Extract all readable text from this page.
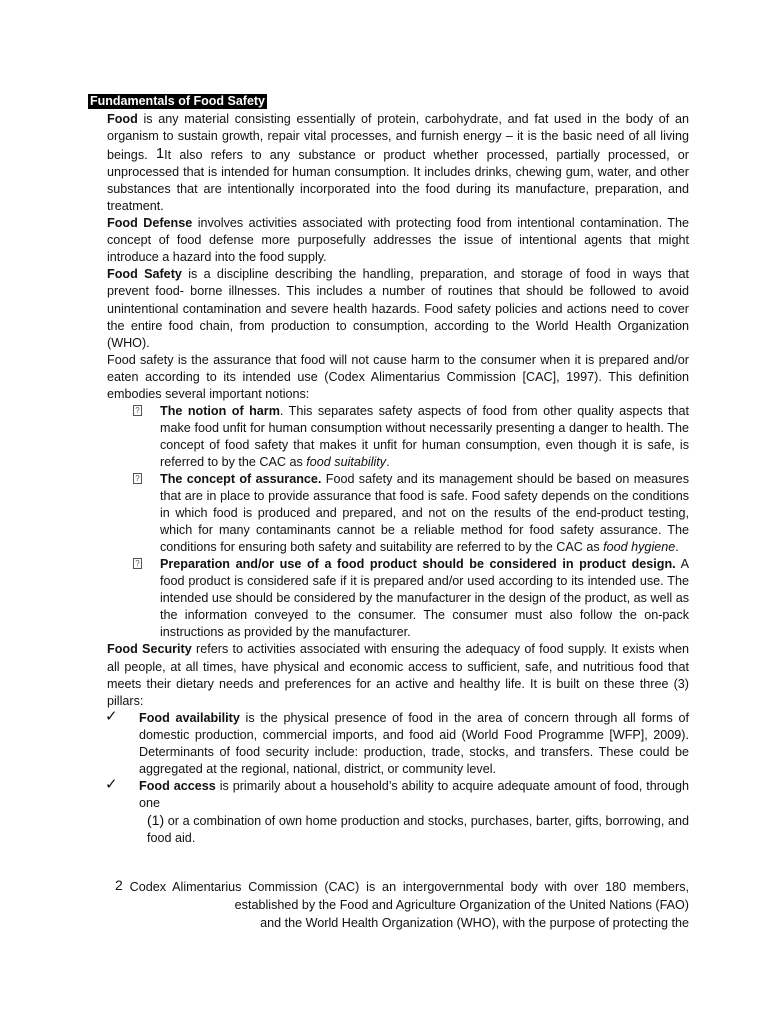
Fundamentals of Food Safety

Food is any material consisting essentially of protein, carbohydrate, and fat used in the body of an organism to sustain growth, repair vital processes, and furnish energy – it is the basic need of all living beings. 1It also refers to any substance or product whether processed, partially processed, or unprocessed that is intended for human consumption. It includes drinks, chewing gum, water, and other substances that are intentionally incorporated into the food during its manufacture, preparation, and treatment.

Food Defense involves activities associated with protecting food from intentional contamination. The concept of food defense more purposefully addresses the issue of intentional agents that might introduce a hazard into the food supply.

Food Safety is a discipline describing the handling, preparation, and storage of food in ways that prevent food- borne illnesses. This includes a number of routines that should be followed to avoid unintentional contamination and severe health hazards. Food safety policies and actions need to cover the entire food chain, from production to consumption, according to the World Health Organization (WHO).

Food safety is the assurance that food will not cause harm to the consumer when it is prepared and/or eaten according to its intended use (Codex Alimentarius Commission [CAC], 1997). This definition embodies several important notions:

? The notion of harm. This separates safety aspects of food from other quality aspects that make food unfit for human consumption without necessarily presenting a danger to health. The concept of food safety that makes it unfit for human consumption, even though it is safe, is referred to by the CAC as food suitability.
? The concept of assurance. Food safety and its management should be based on measures that are in place to provide assurance that food is safe. Food safety depends on the conditions in which food is produced and prepared, and not on the results of the end-product testing, which for many contaminants cannot be a reliable method for food safety assurance. The conditions for ensuring both safety and suitability are referred to by the CAC as food hygiene.
? Preparation and/or use of a food product should be considered in product design. A food product is considered safe if it is prepared and/or used according to its intended use. The intended use should be considered by the manufacturer in the design of the product, as well as the information conveyed to the consumer. The consumer must also follow the on-pack instructions as provided by the manufacturer.

Food Security refers to activities associated with ensuring the adequacy of food supply. It exists when all people, at all times, have physical and economic access to sufficient, safe, and nutritious food that meets their dietary needs and preferences for an active and healthy life. It is built on these three (3) pillars:

✓ Food availability is the physical presence of food in the area of concern through all forms of domestic production, commercial imports, and food aid (World Food Programme [WFP], 2009). Determinants of food security include: production, trade, stocks, and transfers. These could be aggregated at the regional, national, district, or community level.
✓ Food access is primarily about a household’s ability to acquire adequate amount of food, through one

(1) or a combination of own home production and stocks, purchases, barter, gifts, borrowing, and food aid.

2 Codex Alimentarius Commission (CAC) is an intergovernmental body with over 180 members,
established by the Food and Agriculture Organization of the United Nations (FAO)
and the World Health Organization (WHO), with the purpose of protecting the
